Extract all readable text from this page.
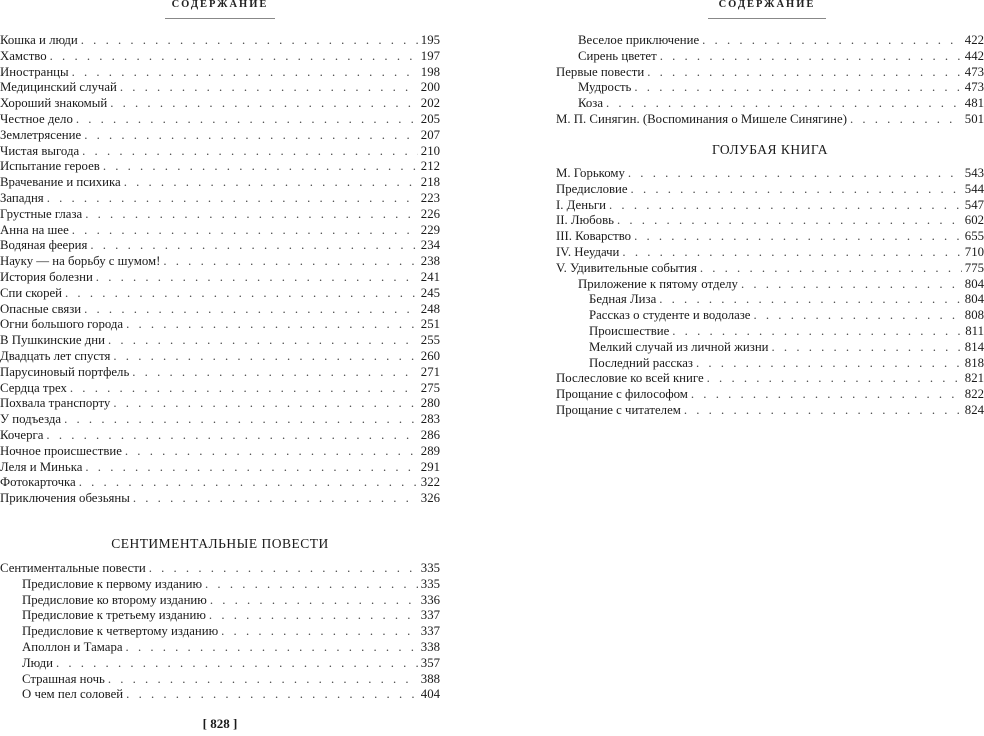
СОДЕРЖАНИЕ
Кошка и люди . . .	195
Хамство . . .	197
Иностранцы . . .	198
Медицинский случай . . .	200
Хороший знакомый . . .	202
Честное дело . . .	205
Землетрясение . . .	207
Чистая выгода . . .	210
Испытание героев . . .	212
Врачевание и психика . . .	218
Западня . . .	223
Грустные глаза . . .	226
Анна на шее . . .	229
Водяная феерия . . .	234
Науку — на борьбу с шумом! . . .	238
История болезни . . .	241
Спи скорей . . .	245
Опасные связи . . .	248
Огни большого города . . .	251
В Пушкинские дни . . .	255
Двадцать лет спустя . . .	260
Парусиновый портфель . . .	271
Сердца трех . . .	275
Похвала транспорту . . .	280
У подъезда . . .	283
Кочерга . . .	286
Ночное происшествие . . .	289
Леля и Минька . . .	291
Фотокарточка . . .	322
Приключения обезьяны . . .	326
СЕНТИМЕНТАЛЬНЫЕ ПОВЕСТИ
Сентиментальные повести . . .	335
Предисловие к первому изданию . . .	335
Предисловие ко второму изданию . . .	336
Предисловие к третьему изданию . . .	337
Предисловие к четвертому изданию . . .	337
Аполлон и Тамара . . .	338
Люди . . .	357
Страшная ночь . . .	388
О чем пел соловей . . .	404
[ 828 ]
СОДЕРЖАНИЕ
Веселое приключение . . .	422
Сирень цветет . . .	442
Первые повести . . .	473
Мудрость . . .	473
Коза . . .	481
М. П. Синягин. (Воспоминания о Мишеле Синягине) . . .	501
ГОЛУБАЯ КНИГА
М. Горькому . . .	543
Предисловие . . .	544
I. Деньги . . .	547
II. Любовь . . .	602
III. Коварство . . .	655
IV. Неудачи . . .	710
V. Удивительные события . . .	775
Приложение к пятому отделу . . .	804
Бедная Лиза . . .	804
Рассказ о студенте и водолазе . . .	808
Происшествие . . .	811
Мелкий случай из личной жизни . . .	814
Последний рассказ . . .	818
Послесловие ко всей книге . . .	821
Прощание с философом . . .	822
Прощание с читателем . . .	824
